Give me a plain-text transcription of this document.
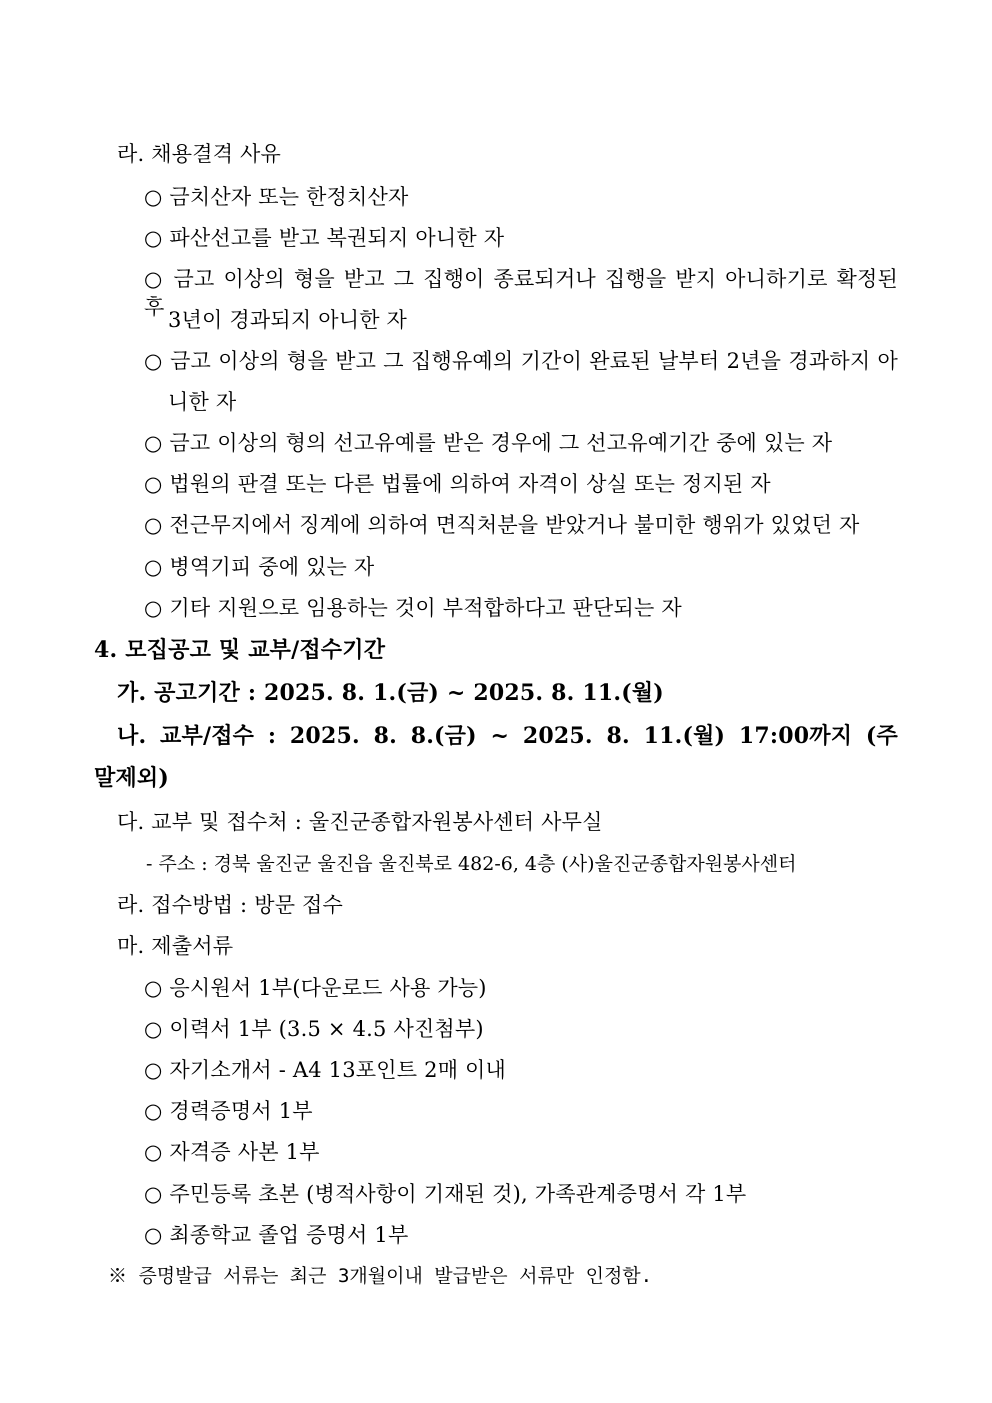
라. 채용결격 사유
○ 금치산자 또는 한정치산자
○ 파산선고를 받고 복권되지 아니한 자
○ 금고 이상의 형을 받고 그 집행이 종료되거나 집행을 받지 아니하기로 확정된 후
3년이 경과되지 아니한 자
○ 금고 이상의 형을 받고 그 집행유예의 기간이 완료된 날부터 2년을 경과하지 아
니한 자
○ 금고 이상의 형의 선고유예를 받은 경우에 그 선고유예기간 중에 있는 자
○ 법원의 판결 또는 다른 법률에 의하여 자격이 상실 또는 정지된 자
○ 전근무지에서 징계에 의하여 면직처분을 받았거나 불미한 행위가 있었던 자
○ 병역기피 중에 있는 자
○ 기타 지원으로 임용하는 것이 부적합하다고 판단되는 자
4. 모집공고 및 교부/접수기간
가. 공고기간 : 2025. 8. 1.(금) ~ 2025. 8. 11.(월)
나. 교부/접수 : 2025. 8. 8.(금) ~ 2025. 8. 11.(월) 17:00까지 (주
말제외)
다. 교부 및 접수처 : 울진군종합자원봉사센터 사무실
- 주소 : 경북 울진군 울진읍 울진북로 482-6, 4층 (사)울진군종합자원봉사센터
라. 접수방법 : 방문 접수
마. 제출서류
○ 응시원서 1부(다운로드 사용 가능)
○ 이력서 1부 (3.5 × 4.5 사진첨부)
○ 자기소개서 - A4 13포인트 2매 이내
○ 경력증명서 1부
○ 자격증 사본 1부
○ 주민등록 초본 (병적사항이 기재된 것), 가족관계증명서 각 1부
○ 최종학교 졸업 증명서 1부
※ 증명발급 서류는 최근 3개월이내 발급받은 서류만 인정함.
